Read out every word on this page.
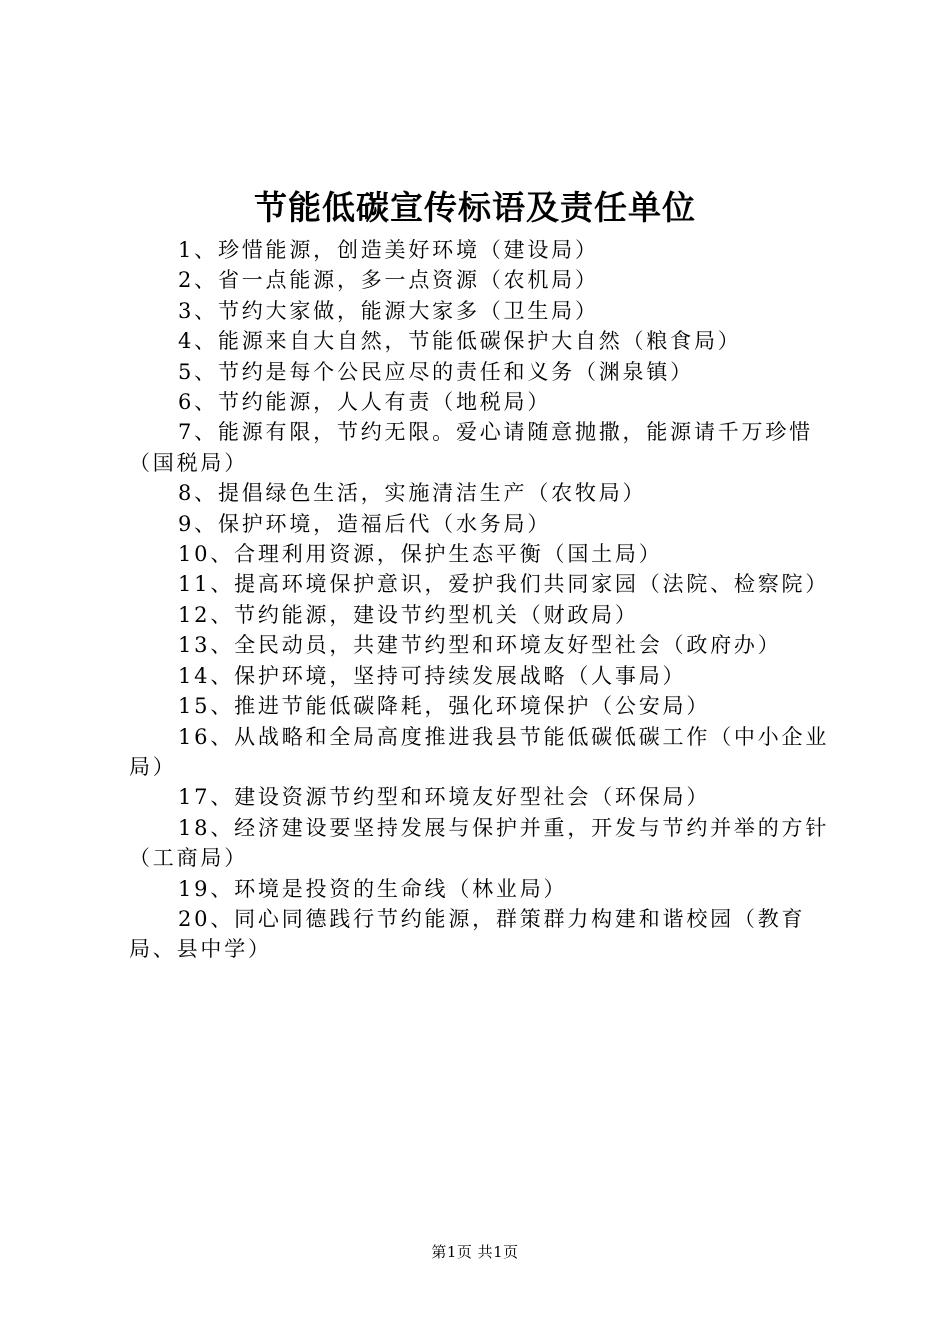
节能低碳宣传标语及责任单位
1、珍惜能源，创造美好环境（建设局）
2、省一点能源，多一点资源（农机局）
3、节约大家做，能源大家多（卫生局）
4、能源来自大自然，节能低碳保护大自然（粮食局）
5、节约是每个公民应尽的责任和义务（渊泉镇）
6、节约能源，人人有责（地税局）
7、能源有限，节约无限。爱心请随意抛撒，能源请千万珍惜（国税局）
8、提倡绿色生活，实施清洁生产（农牧局）
9、保护环境，造福后代（水务局）
10、合理利用资源，保护生态平衡（国土局）
11、提高环境保护意识，爱护我们共同家园（法院、检察院）
12、节约能源，建设节约型机关（财政局）
13、全民动员，共建节约型和环境友好型社会（政府办）
14、保护环境，坚持可持续发展战略（人事局）
15、推进节能低碳降耗，强化环境保护（公安局）
16、从战略和全局高度推进我县节能低碳低碳工作（中小企业局）
17、建设资源节约型和环境友好型社会（环保局）
18、经济建设要坚持发展与保护并重，开发与节约并举的方针（工商局）
19、环境是投资的生命线（林业局）
20、同心同德践行节约能源，群策群力构建和谐校园（教育局、县中学）
第1页 共1页
